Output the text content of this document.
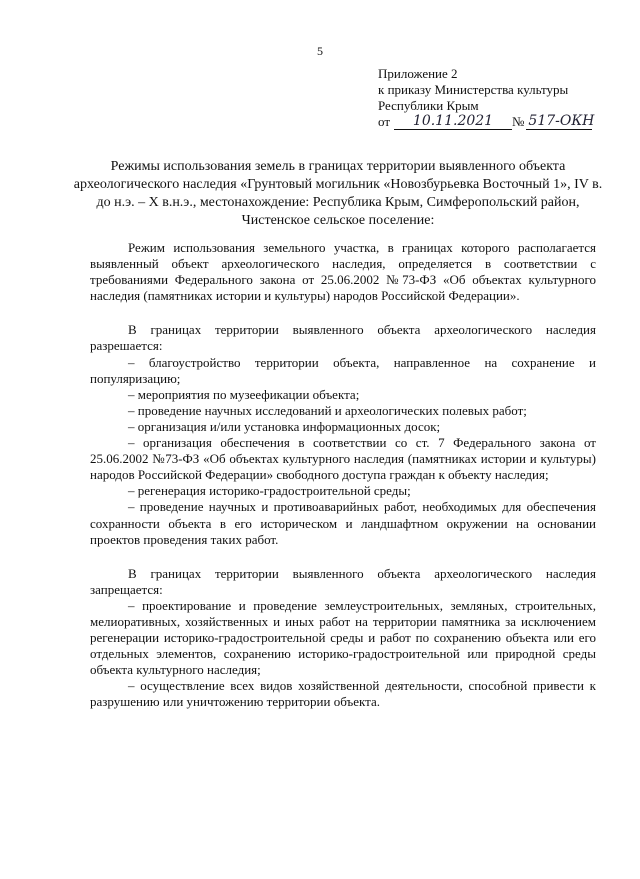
5
Приложение 2
к приказу Министерства культуры
Республики Крым
от	10.11.2021	№ 517-ОКН
Режимы использования земель в границах территории выявленного объекта археологического наследия «Грунтовый могильник «Новозбурьевка Восточный 1», IV в. до н.э. – X в.н.э., местонахождение: Республика Крым, Симферопольский район, Чистенское сельское поселение:

Режим использования земельного участка, в границах которого располагается выявленный объект археологического наследия, определяется в соответствии с требованиями Федерального закона от 25.06.2002 №73-ФЗ «Об объектах культурного наследия (памятниках истории и культуры) народов Российской Федерации».

В границах территории выявленного объекта археологического наследия разрешается:

– благоустройство территории объекта, направленное на сохранение и популяризацию;

– мероприятия по музеефикации объекта;

– проведение научных исследований и археологических полевых работ;

– организация и/или установка информационных досок;

– организация обеспечения в соответствии со ст. 7 Федерального закона от 25.06.2002 №73-ФЗ «Об объектах культурного наследия (памятниках истории и культуры) народов Российской Федерации» свободного доступа граждан к объекту наследия;

– регенерация историко-градостроительной среды;

– проведение научных и противоаварийных работ, необходимых для обеспечения сохранности объекта в его историческом и ландшафтном окружении на основании проектов проведения таких работ.

В границах территории выявленного объекта археологического наследия запрещается:

– проектирование и проведение землеустроительных, земляных, строительных, мелиоративных, хозяйственных и иных работ на территории памятника за исключением регенерации историко-градостроительной среды и работ по сохранению объекта или его отдельных элементов, сохранению историко-градостроительной или природной среды объекта культурного наследия;

– осуществление всех видов хозяйственной деятельности, способной привести к разрушению или уничтожению территории объекта.
